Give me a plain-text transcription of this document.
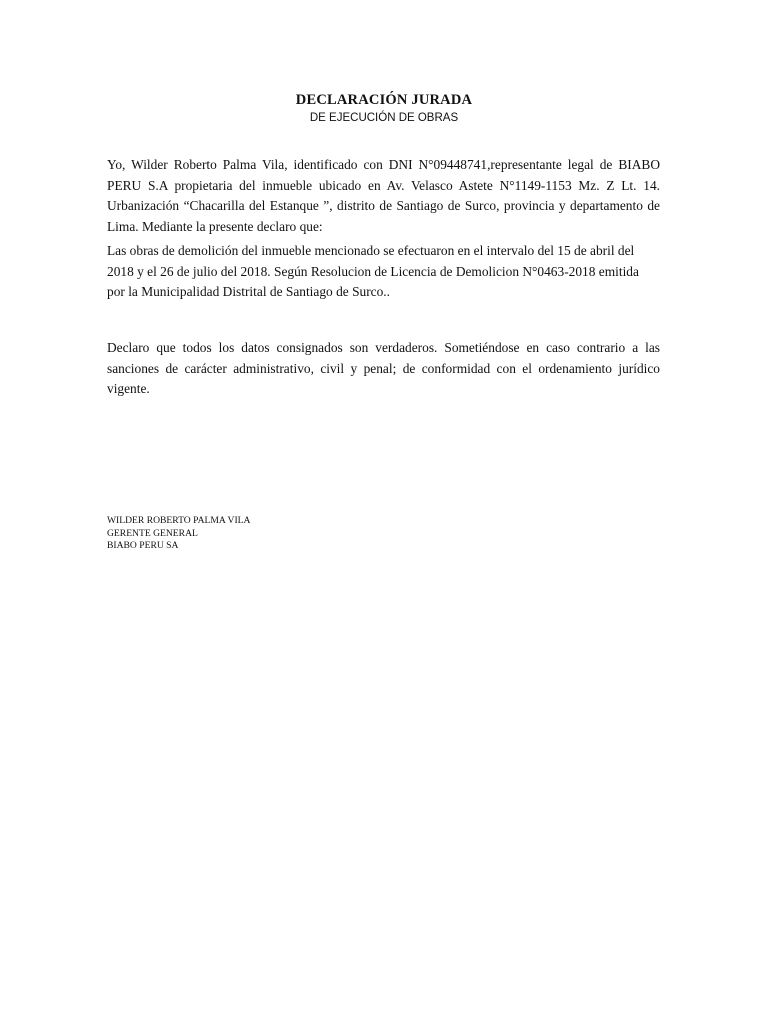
DECLARACIÓN JURADA
DE EJECUCIÓN DE OBRAS

Yo, Wilder Roberto Palma Vila, identificado con DNI N°09448741,representante legal de BIABO PERU S.A propietaria del inmueble ubicado en Av. Velasco Astete N°1149-1153 Mz. Z Lt. 14. Urbanización “Chacarilla del Estanque ”, distrito de Santiago de Surco, provincia y departamento de Lima. Mediante la presente declaro que:

Las obras de demolición del inmueble mencionado se efectuaron en el intervalo del 15 de abril del 2018 y el 26 de julio del 2018. Según Resolucion de Licencia de Demolicion N°0463-2018 emitida por la Municipalidad Distrital de Santiago de Surco..

Declaro que todos los datos consignados son verdaderos. Sometiéndose en caso contrario a las sanciones de carácter administrativo, civil y penal; de conformidad con el ordenamiento jurídico vigente.

WILDER ROBERTO PALMA VILA
GERENTE GENERAL
BIABO PERU SA
